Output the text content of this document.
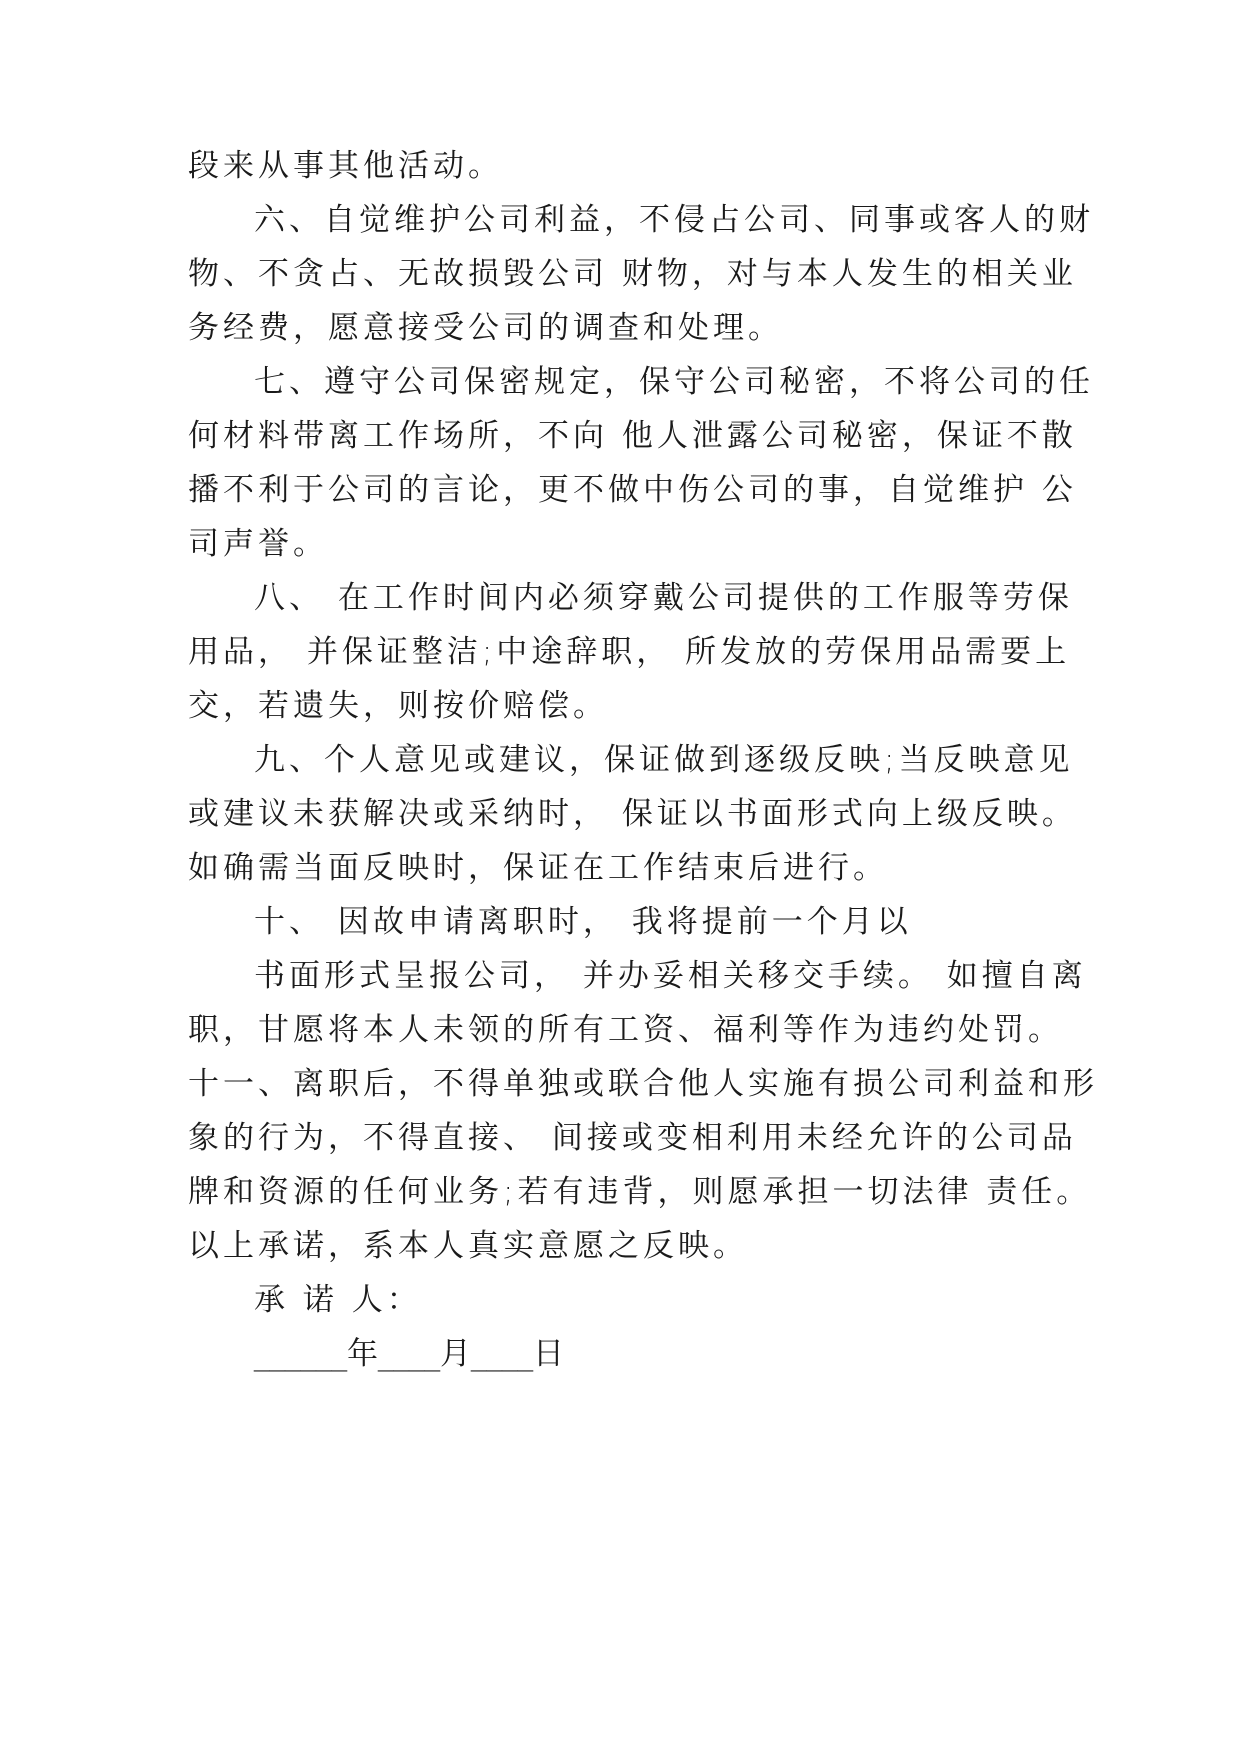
段来从事其他活动。

六、自觉维护公司利益，不侵占公司、同事或客人的财

物、不贪占、无故损毁公司 财物，对与本人发生的相关业

务经费，愿意接受公司的调查和处理。

七、遵守公司保密规定，保守公司秘密，不将公司的任

何材料带离工作场所，不向 他人泄露公司秘密，保证不散

播不利于公司的言论，更不做中伤公司的事，自觉维护 公

司声誉。

八、 在工作时间内必须穿戴公司提供的工作服等劳保

用品， 并保证整洁;中途辞职， 所发放的劳保用品需要上

交，若遗失，则按价赔偿。

九、个人意见或建议，保证做到逐级反映;当反映意见

或建议未获解决或采纳时， 保证以书面形式向上级反映。

如确需当面反映时，保证在工作结束后进行。

十、 因故申请离职时， 我将提前一个月以

书面形式呈报公司， 并办妥相关移交手续。 如擅自离

职，甘愿将本人未领的所有工资、福利等作为违约处罚。

十一、离职后，不得单独或联合他人实施有损公司利益和形

象的行为，不得直接、 间接或变相利用未经允许的公司品

牌和资源的任何业务;若有违背，则愿承担一切法律 责任。

以上承诺，系本人真实意愿之反映。

承 诺 人：

______年____月____日
